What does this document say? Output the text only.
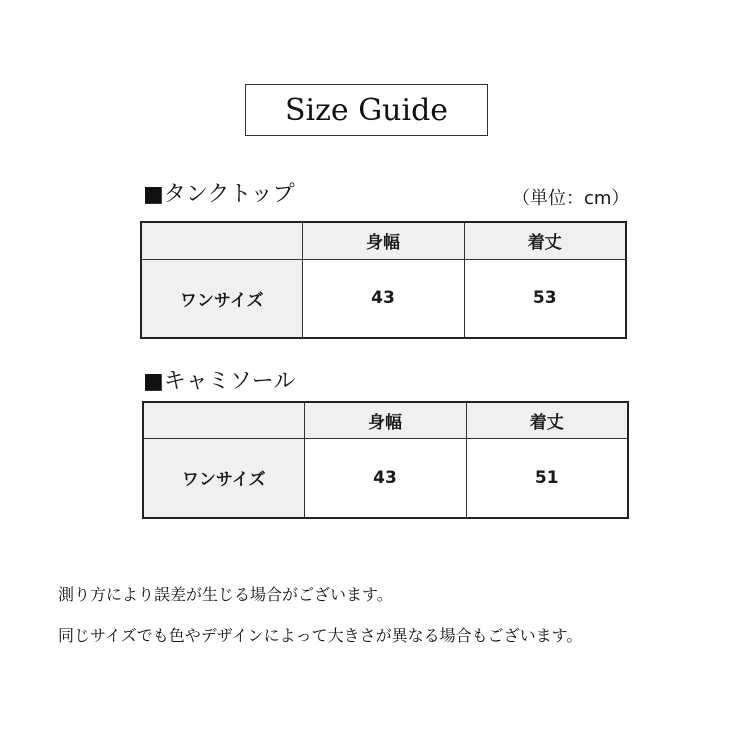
Size Guide
■タンクトップ	（単位：cm）
	身幅	着丈
ワンサイズ	43	53
■キャミソール
	身幅	着丈
ワンサイズ	43	51
測り方により誤差が生じる場合がございます。
同じサイズでも色やデザインによって大きさが異なる場合もございます。
